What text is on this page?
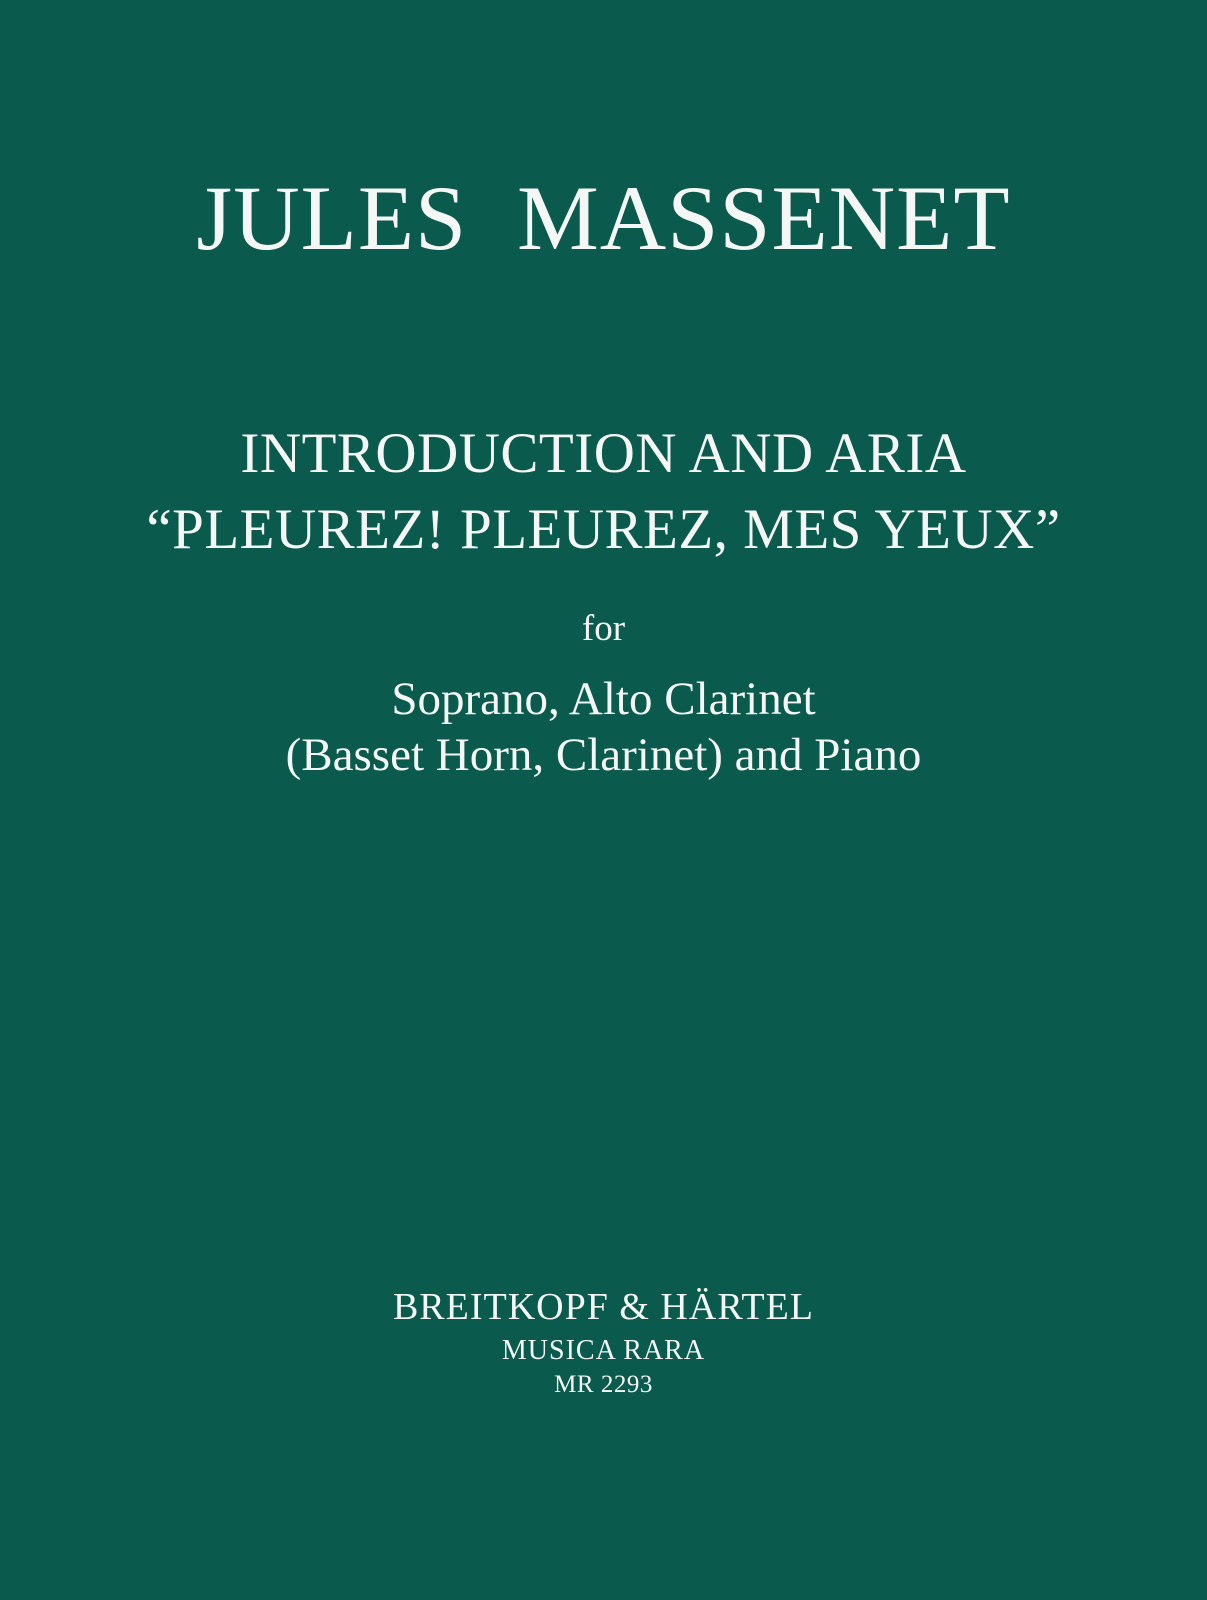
JULES MASSENET
INTRODUCTION AND ARIA
“PLEUREZ! PLEUREZ, MES YEUX”
for
Soprano, Alto Clarinet
(Basset Horn, Clarinet) and Piano
BREITKOPF & HÄRTEL
MUSICA RARA
MR 2293
